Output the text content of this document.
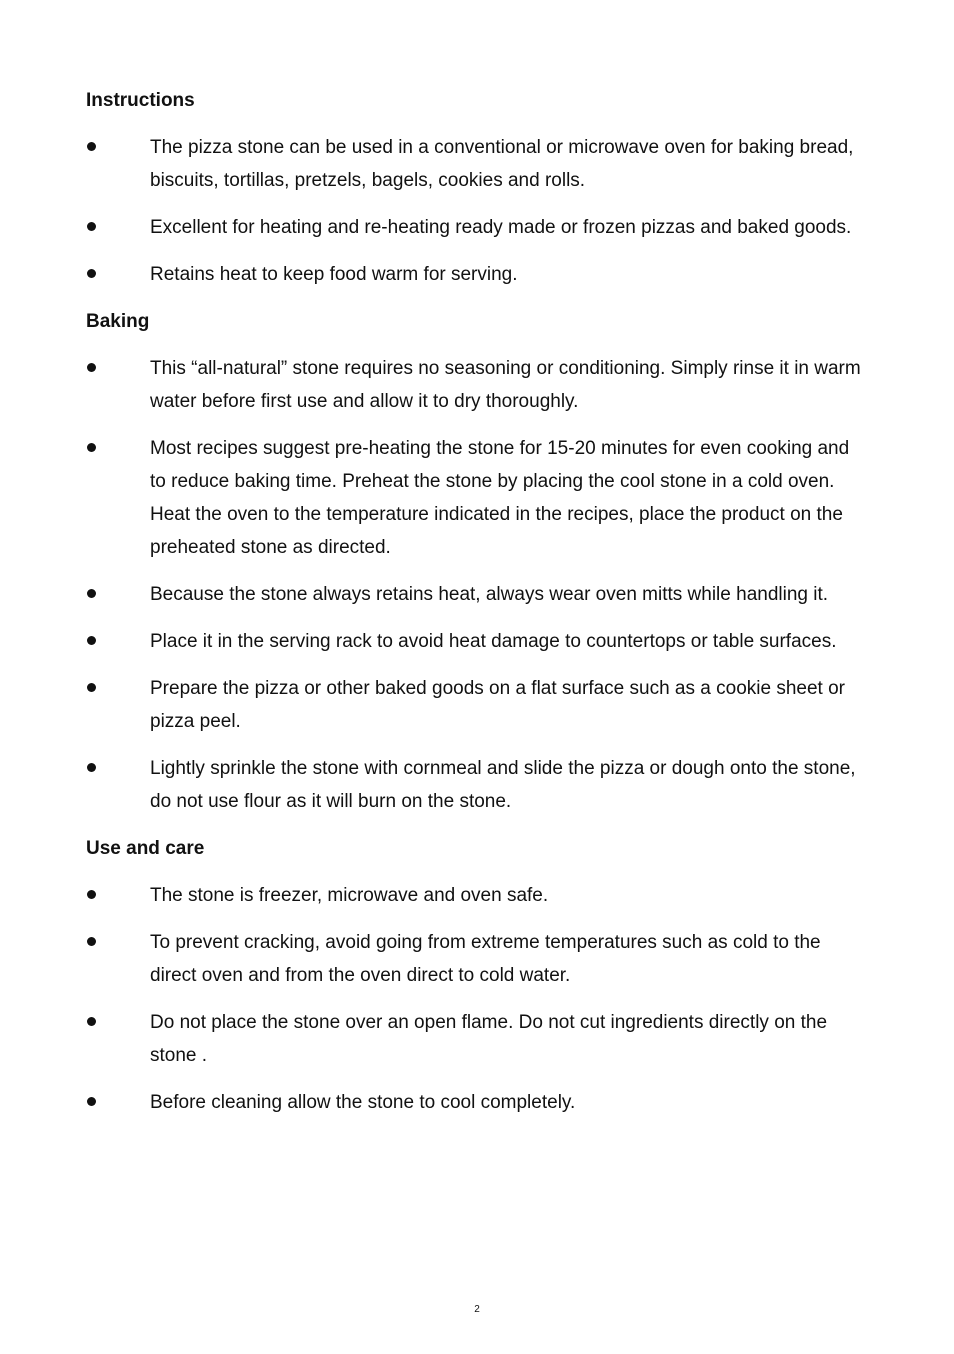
Instructions
The pizza stone can be used in a conventional or microwave oven for baking bread, biscuits, tortillas, pretzels, bagels, cookies and rolls.
Excellent for heating and re-heating ready made or frozen pizzas and baked goods.
Retains heat to keep food warm for serving.
Baking
This “all-natural” stone requires no seasoning or conditioning. Simply rinse it in warm water before first use and allow it to dry thoroughly.
Most recipes suggest pre-heating the stone for 15-20 minutes for even cooking and to reduce baking time. Preheat the stone by placing the cool stone in a cold oven. Heat the oven to the temperature indicated in the recipes, place the product on the preheated stone as directed.
Because the stone always retains heat, always wear oven mitts while handling it.
Place it in the serving rack to avoid heat damage to countertops or table surfaces.
Prepare the pizza or other baked goods on a flat surface such as a cookie sheet or pizza peel.
Lightly sprinkle the stone with cornmeal and slide the pizza or dough onto the stone, do not use flour as it will burn on the stone.
Use and care
The stone is freezer, microwave and oven safe.
To prevent cracking, avoid going from extreme temperatures such as cold to the direct oven and from the oven direct to cold water.
Do not place the stone over an open flame. Do not cut ingredients directly on the stone .
Before cleaning allow the stone to cool completely.
2
